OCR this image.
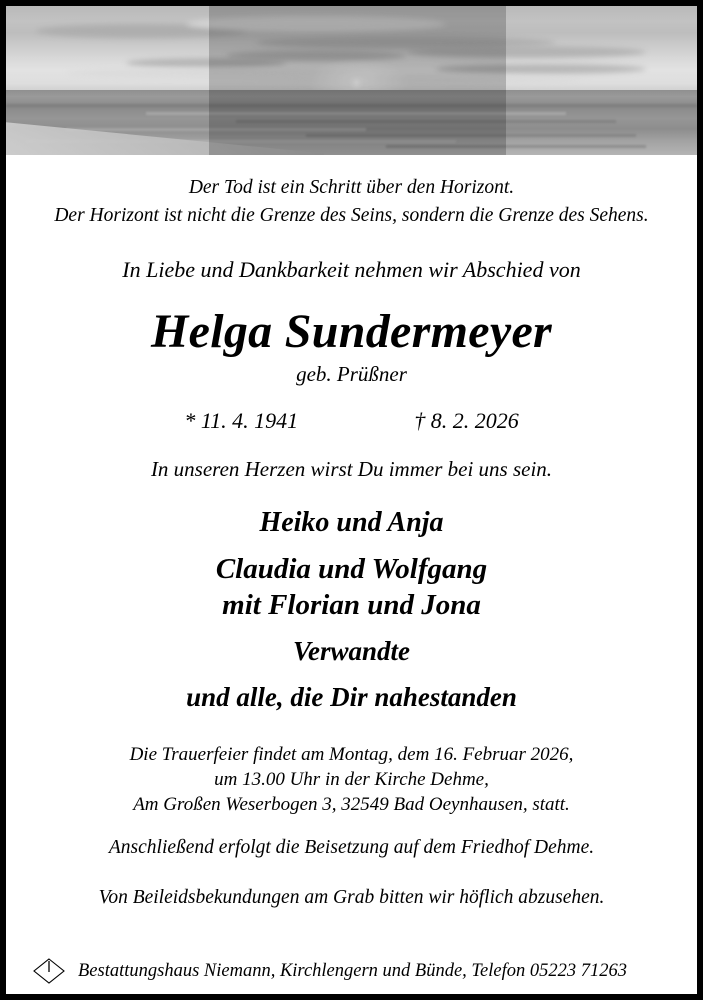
Der Tod ist ein Schritt über den Horizont.
Der Horizont ist nicht die Grenze des Seins, sondern die Grenze des Sehens.
In Liebe und Dankbarkeit nehmen wir Abschied von
Helga Sundermeyer
geb. Prüßner
* 11. 4. 1941	† 8. 2. 2026
In unseren Herzen wirst Du immer bei uns sein.
Heiko und Anja
Claudia und Wolfgang
mit Florian und Jona
Verwandte
und alle, die Dir nahestanden
Die Trauerfeier findet am Montag, dem 16. Februar 2026,
um 13.00 Uhr in der Kirche Dehme,
Am Großen Weserbogen 3, 32549 Bad Oeynhausen, statt.
Anschließend erfolgt die Beisetzung auf dem Friedhof Dehme.
Von Beileidsbekundungen am Grab bitten wir höflich abzusehen.
Bestattungshaus Niemann, Kirchlengern und Bünde, Telefon 05223 71263
